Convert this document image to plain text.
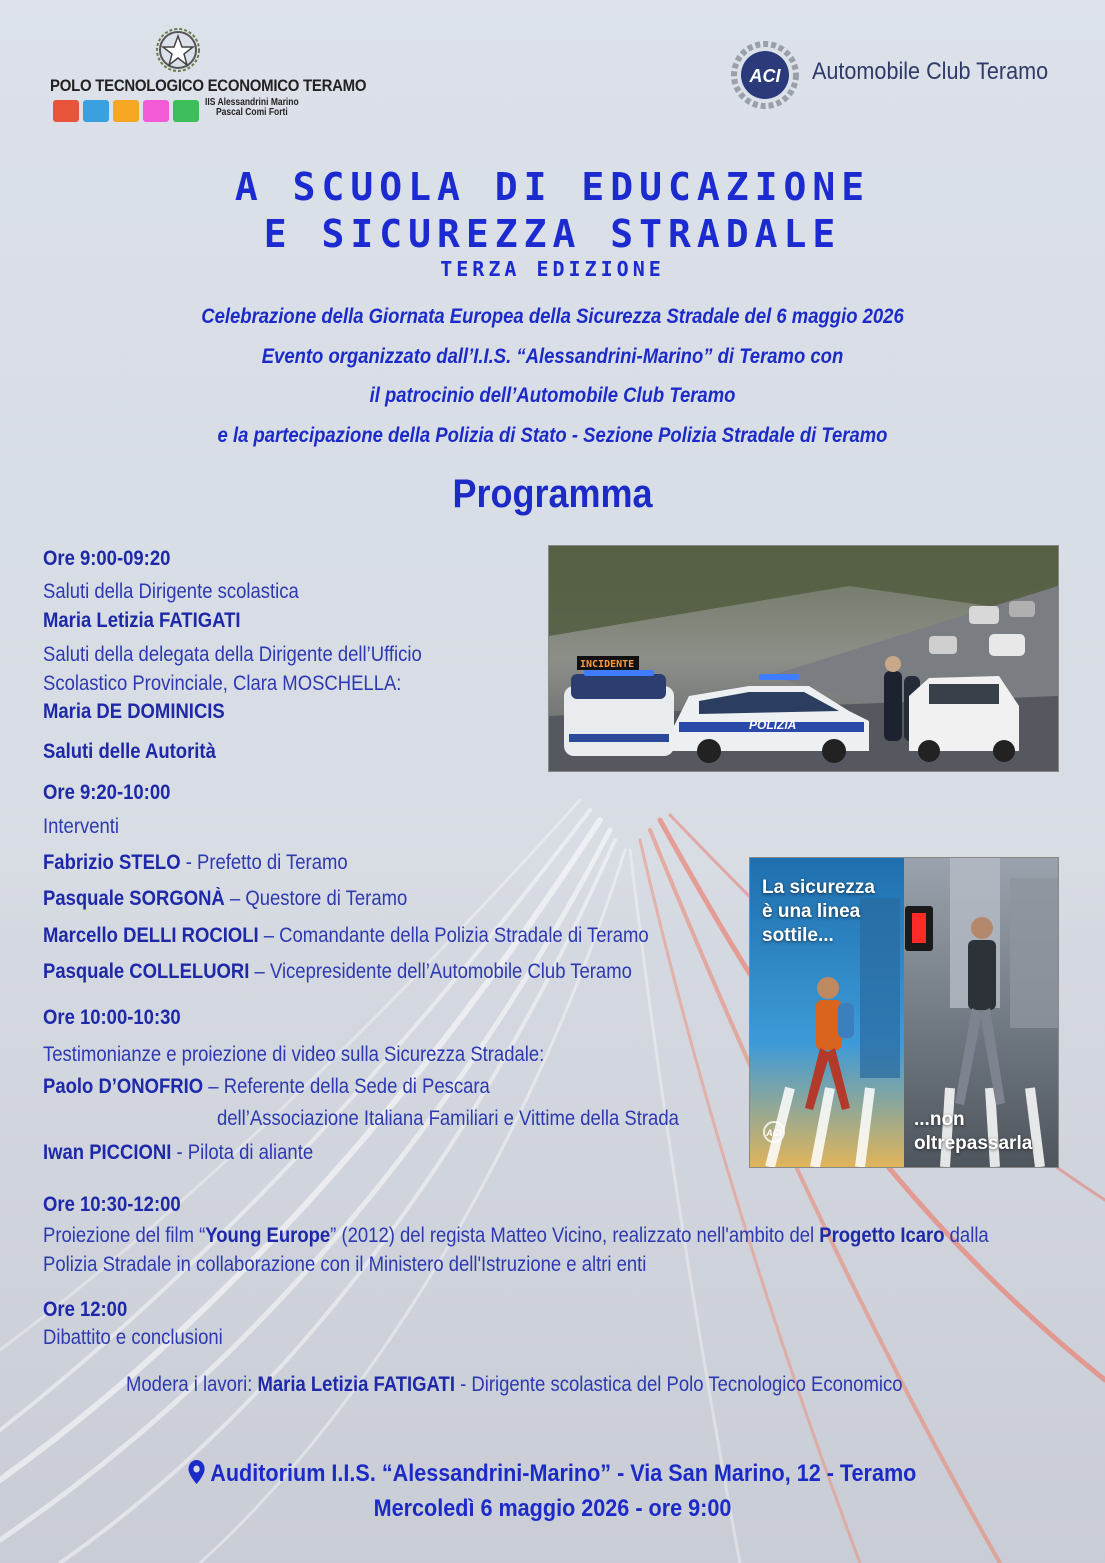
POLO TECNOLOGICO ECONOMICO TERAMO
IIS Alessandrini Marino
Pascal Comi Forti
ACI Automobile Club Teramo
A SCUOLA DI EDUCAZIONE
E SICUREZZA STRADALE
TERZA EDIZIONE
Celebrazione della Giornata Europea della Sicurezza Stradale del 6 maggio 2026
Evento organizzato dall’I.I.S. “Alessandrini-Marino” di Teramo con
il patrocinio dell’Automobile Club Teramo
e la partecipazione della Polizia di Stato - Sezione Polizia Stradale di Teramo
Programma
Ore 9:00-09:20
Saluti della Dirigente scolastica
Maria Letizia FATIGATI
Saluti della delegata della Dirigente dell’Ufficio
Scolastico Provinciale, Clara MOSCHELLA:
Maria DE DOMINICIS
Saluti delle Autorità
Ore 9:20-10:00
Interventi
Fabrizio STELO - Prefetto di Teramo
Pasquale SORGONÀ – Questore di Teramo
Marcello DELLI ROCIOLI – Comandante della Polizia Stradale di Teramo
Pasquale COLLELUORI – Vicepresidente dell’Automobile Club Teramo
Ore 10:00-10:30
Testimonianze e proiezione di video sulla Sicurezza Stradale:
Paolo D’ONOFRIO – Referente della Sede di Pescara
dell’Associazione Italiana Familiari e Vittime della Strada
Iwan PICCIONI - Pilota di aliante
Ore 10:30-12:00
Proiezione del film “Young Europe” (2012) del regista Matteo Vicino, realizzato nell'ambito del Progetto Icaro dalla
Polizia Stradale in collaborazione con il Ministero dell'Istruzione e altri enti
Ore 12:00
Dibattito e conclusioni
Modera i lavori: Maria Letizia FATIGATI - Dirigente scolastica del Polo Tecnologico Economico
POLIZIA
INCIDENTE
ACI
La sicurezza
è una linea
sottile...
...non
oltrepassarla
Auditorium I.I.S. “Alessandrini-Marino” - Via San Marino, 12 - Teramo
Mercoledì 6 maggio 2026 - ore 9:00
